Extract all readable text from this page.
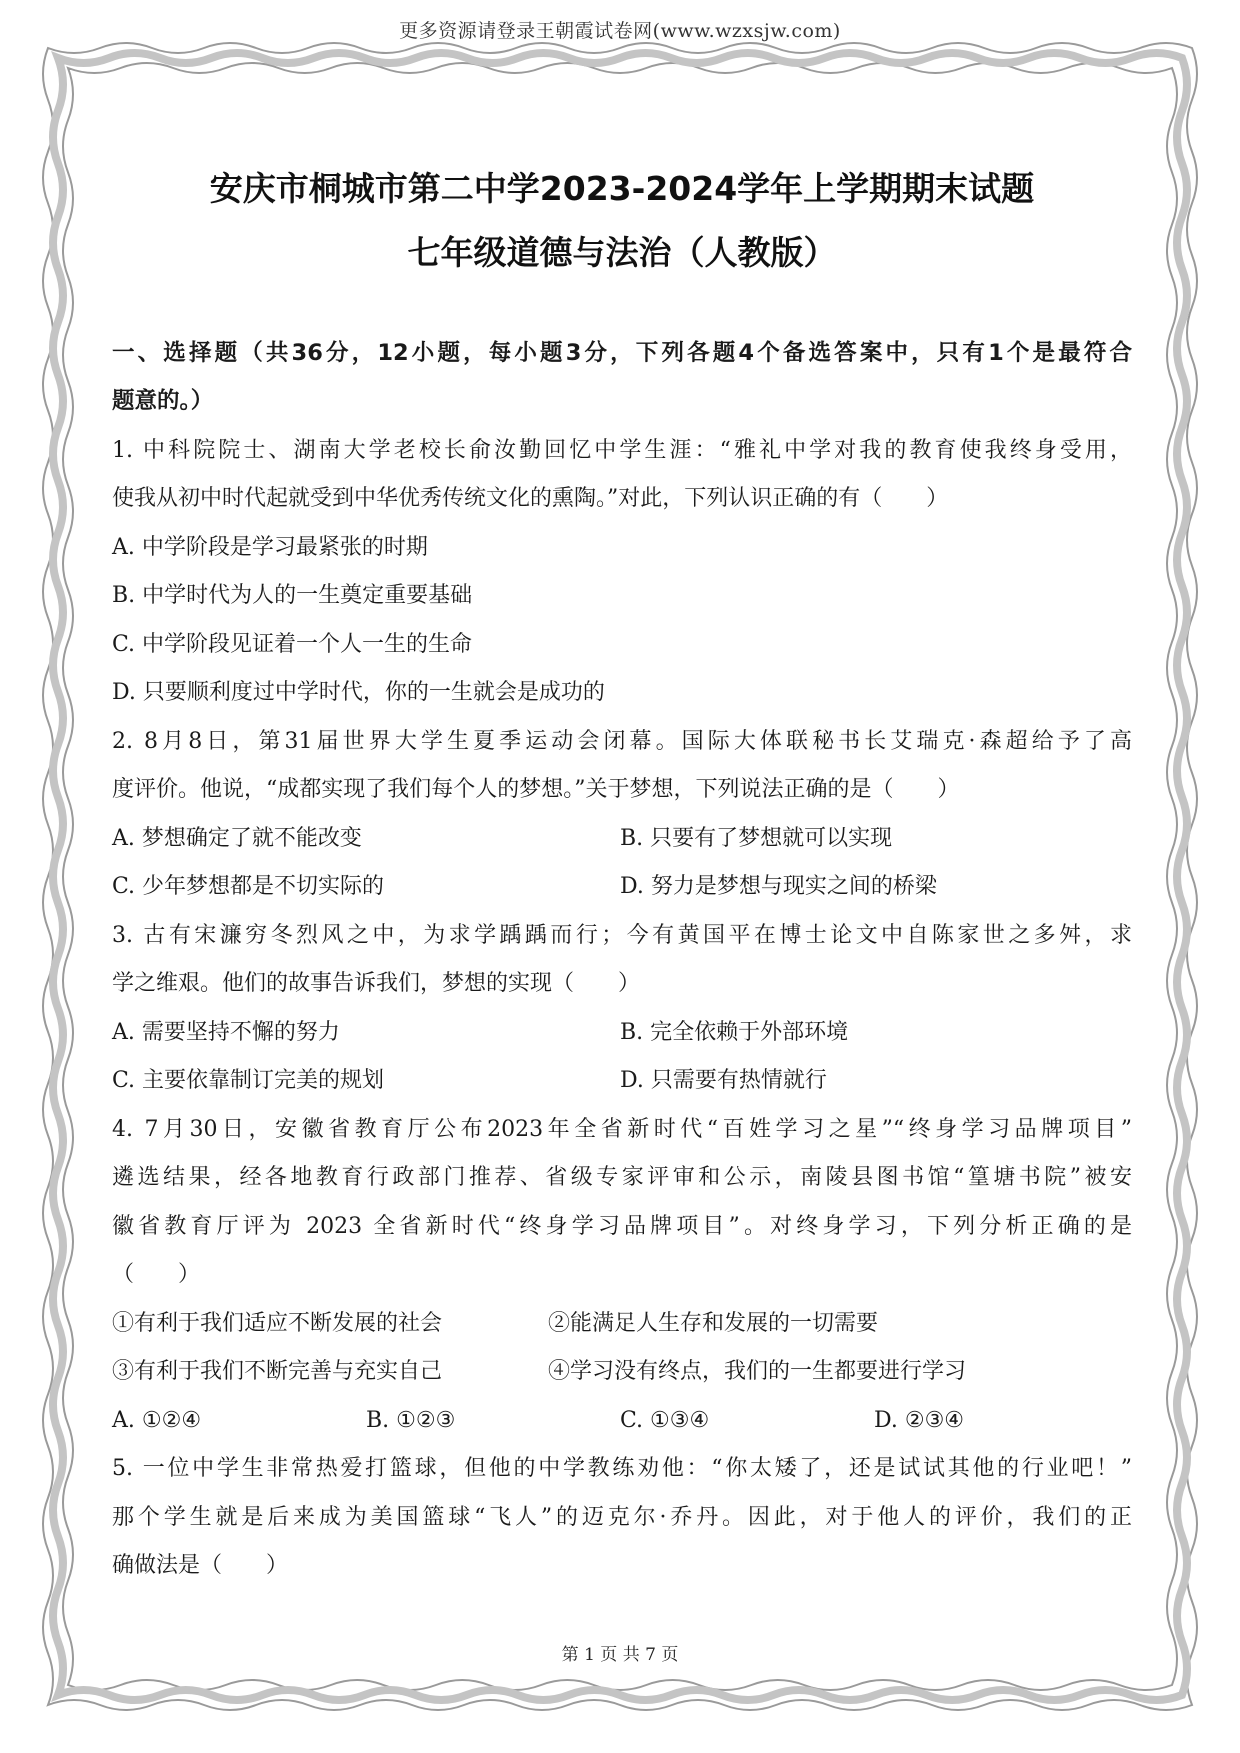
更多资源请登录王朝霞试卷网(www.wzxsjw.com)
安庆市桐城市第二中学2023-2024学年上学期期末试题
七年级道德与法治（人教版）
一、选择题（共36分，12小题，每小题3分，下列各题4个备选答案中，只有1个是最符合
题意的。）
1. 中科院院士、湖南大学老校长俞汝勤回忆中学生涯：“雅礼中学对我的教育使我终身受用，
使我从初中时代起就受到中华优秀传统文化的熏陶。”对此，下列认识正确的有（　　）
A. 中学阶段是学习最紧张的时期
B. 中学时代为人的一生奠定重要基础
C. 中学阶段见证着一个人一生的生命
D. 只要顺利度过中学时代，你的一生就会是成功的
2. 8月8日，第31届世界大学生夏季运动会闭幕。国际大体联秘书长艾瑞克·森超给予了高
度评价。他说，“成都实现了我们每个人的梦想。”关于梦想，下列说法正确的是（　　）
A. 梦想确定了就不能改变	B. 只要有了梦想就可以实现
C. 少年梦想都是不切实际的	D. 努力是梦想与现实之间的桥梁
3. 古有宋濂穷冬烈风之中，为求学踽踽而行；今有黄国平在博士论文中自陈家世之多舛，求
学之维艰。他们的故事告诉我们，梦想的实现（　　）
A. 需要坚持不懈的努力	B. 完全依赖于外部环境
C. 主要依靠制订完美的规划	D. 只需要有热情就行
4. 7月30日，安徽省教育厅公布2023年全省新时代“百姓学习之星”“终身学习品牌项目”
遴选结果，经各地教育行政部门推荐、省级专家评审和公示，南陵县图书馆“篁塘书院”被安
徽省教育厅评为 2023 全省新时代“终身学习品牌项目”。对终身学习，下列分析正确的是
（　　）
①有利于我们适应不断发展的社会	②能满足人生存和发展的一切需要
③有利于我们不断完善与充实自己	④学习没有终点，我们的一生都要进行学习
A. ①②④	B. ①②③	C. ①③④	D. ②③④
5. 一位中学生非常热爱打篮球，但他的中学教练劝他：“你太矮了，还是试试其他的行业吧！”
那个学生就是后来成为美国篮球“飞人”的迈克尔·乔丹。因此，对于他人的评价，我们的正
确做法是（　　）
第 1 页 共 7 页
